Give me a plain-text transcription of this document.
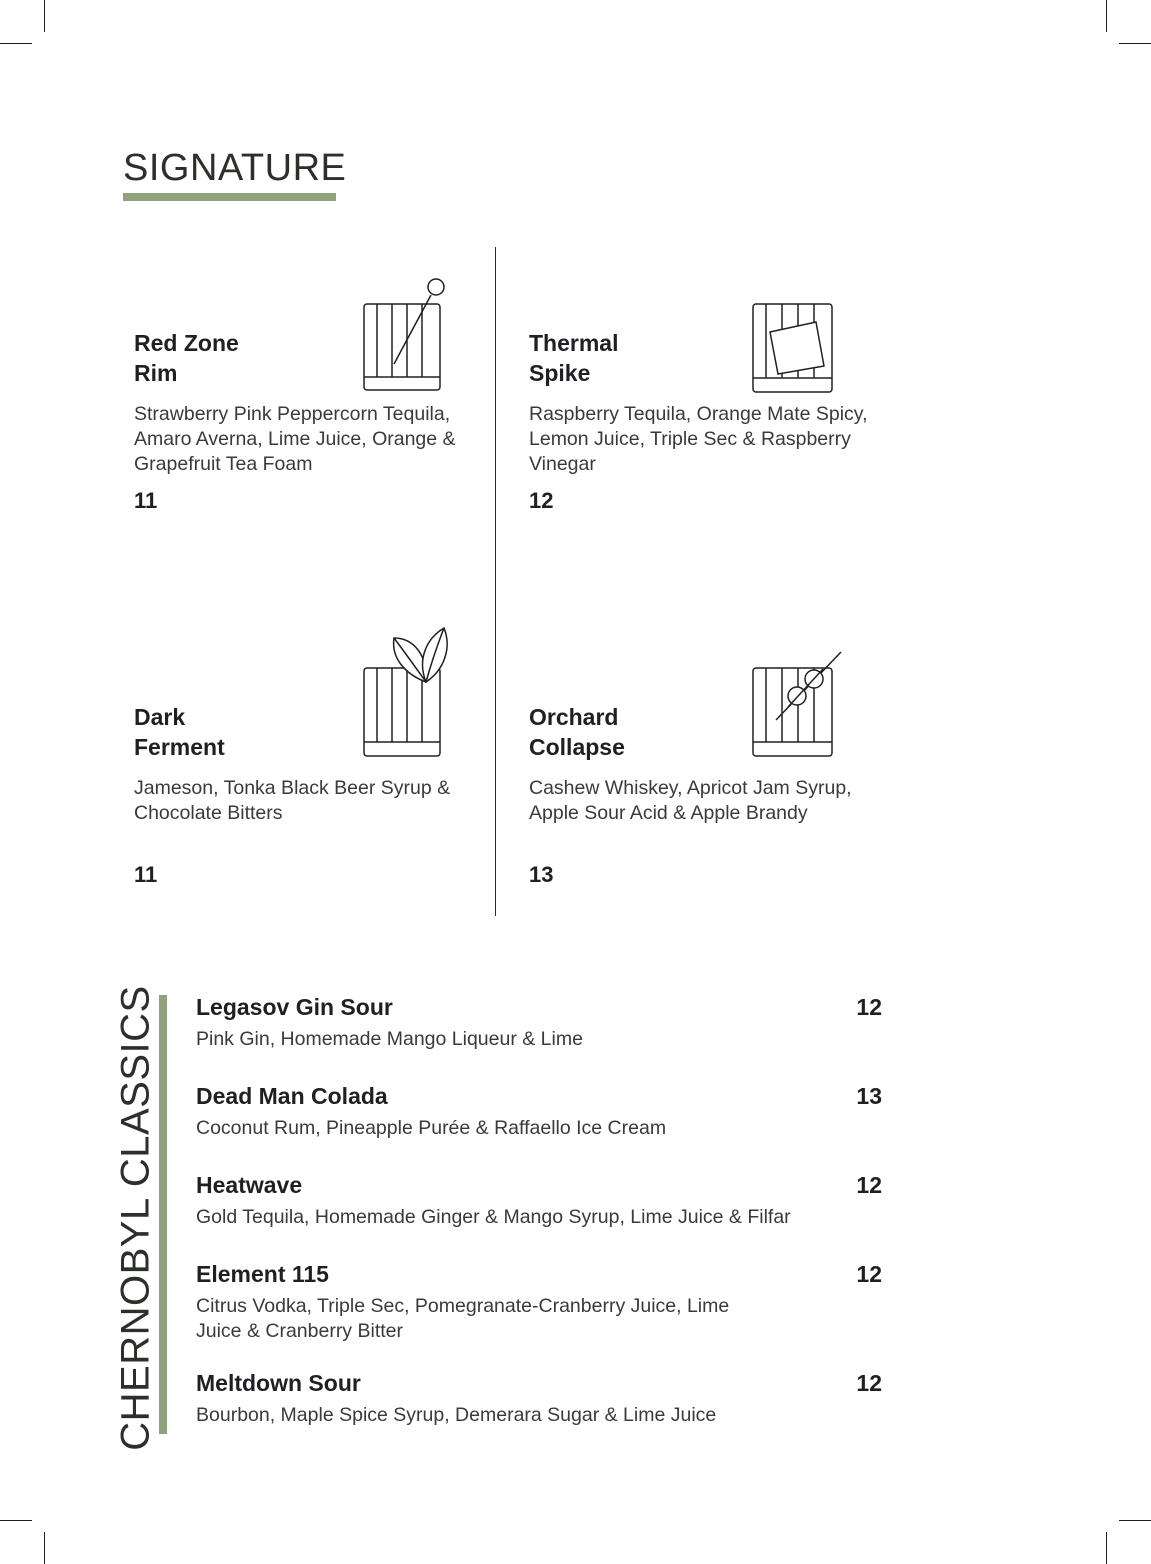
SIGNATURE
Red Zone
Rim

Strawberry Pink Peppercorn Tequila, Amaro Averna, Lime Juice, Orange & Grapefruit Tea Foam

11
Thermal
Spike

Raspberry Tequila, Orange Mate Spicy, Lemon Juice, Triple Sec & Raspberry Vinegar

12
Dark
Ferment

Jameson, Tonka Black Beer Syrup & Chocolate Bitters

11
Orchard
Collapse

Cashew Whiskey, Apricot Jam Syrup, Apple Sour Acid & Apple Brandy

13
CHERNOBYL CLASSICS Legasov Gin Sour	12
Pink Gin, Homemade Mango Liqueur & Lime
Dead Man Colada	13
Coconut Rum, Pineapple Purée & Raffaello Ice Cream
Heatwave	12
Gold Tequila, Homemade Ginger & Mango Syrup, Lime Juice & Filfar
Element 115	12
Citrus Vodka, Triple Sec, Pomegranate-Cranberry Juice, Lime
Juice & Cranberry Bitter
Meltdown Sour	12
Bourbon, Maple Spice Syrup, Demerara Sugar & Lime Juice
